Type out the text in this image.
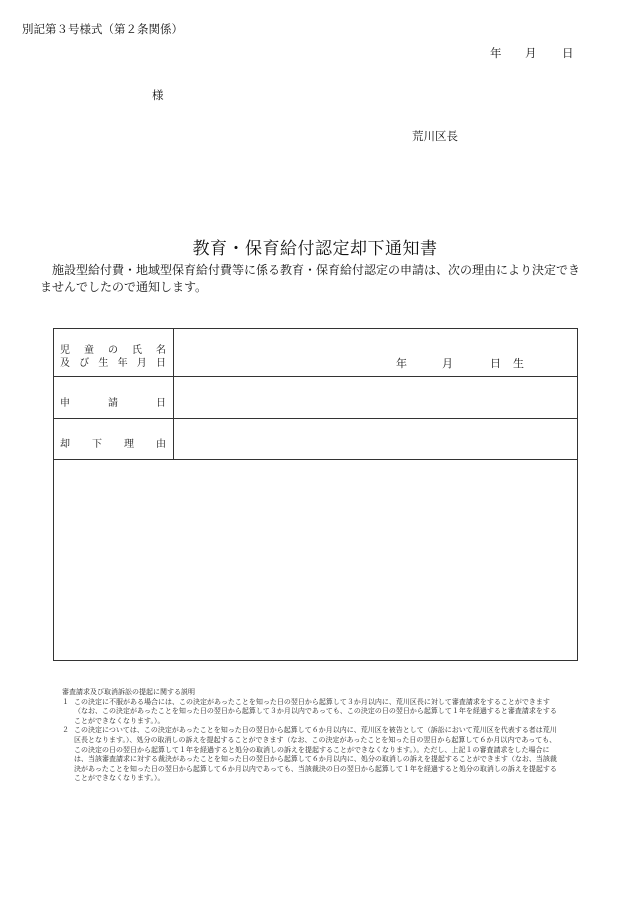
別記第３号様式（第２条関係）
年 月 日
様
荒川区長
教育・保育給付認定却下通知書
施設型給付費・地域型保育給付費等に係る教育・保育給付認定の申請は、次の理由により決定できませんでしたので通知します。
児 童 の 氏 名
及 び 生 年 月 日	年	月	日 生
申	請	日
却 下 理 由

審査請求及び取消訴訟の提起に関する説明

１ この決定に不服がある場合には、この決定があったことを知った日の翌日から起算して３か月以内に、荒川区長に対して審査請求をすることができます（なお、この決定があったことを知った日の翌日から起算して３か月以内であっても、この決定の日の翌日から起算して１年を経過すると審査請求をすることができなくなります。）。
２ この決定については、この決定があったことを知った日の翌日から起算して６か月以内に、荒川区を被告として（訴訟において荒川区を代表する者は荒川区長となります。）、処分の取消しの訴えを提起することができます（なお、この決定があったことを知った日の翌日から起算して６か月以内であっても、この決定の日の翌日から起算して１年を経過すると処分の取消しの訴えを提起することができなくなります。）。ただし、上記１の審査請求をした場合には、当該審査請求に対する裁決があったことを知った日の翌日から起算して６か月以内に、処分の取消しの訴えを提起することができます（なお、当該裁決があったことを知った日の翌日から起算して６か月以内であっても、当該裁決の日の翌日から起算して１年を経過すると処分の取消しの訴えを提起することができなくなります。）。
